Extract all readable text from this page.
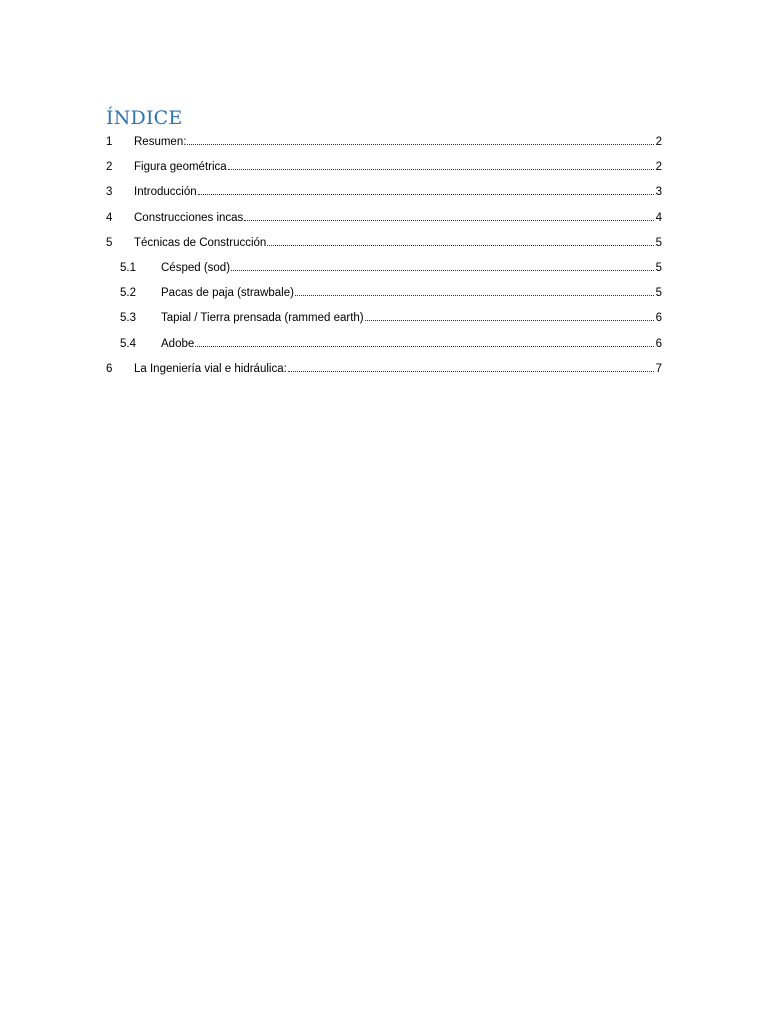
ÍNDICE
1	Resumen:	2
2	Figura geométrica	2
3	Introducción	3
4	Construcciones incas	4
5	Técnicas de Construcción	5
5.1	Césped (sod)	5
5.2	Pacas de paja (strawbale)	5
5.3	Tapial / Tierra prensada (rammed earth)	6
5.4	Adobe	6
6	La Ingeniería vial e hidráulica:	7
